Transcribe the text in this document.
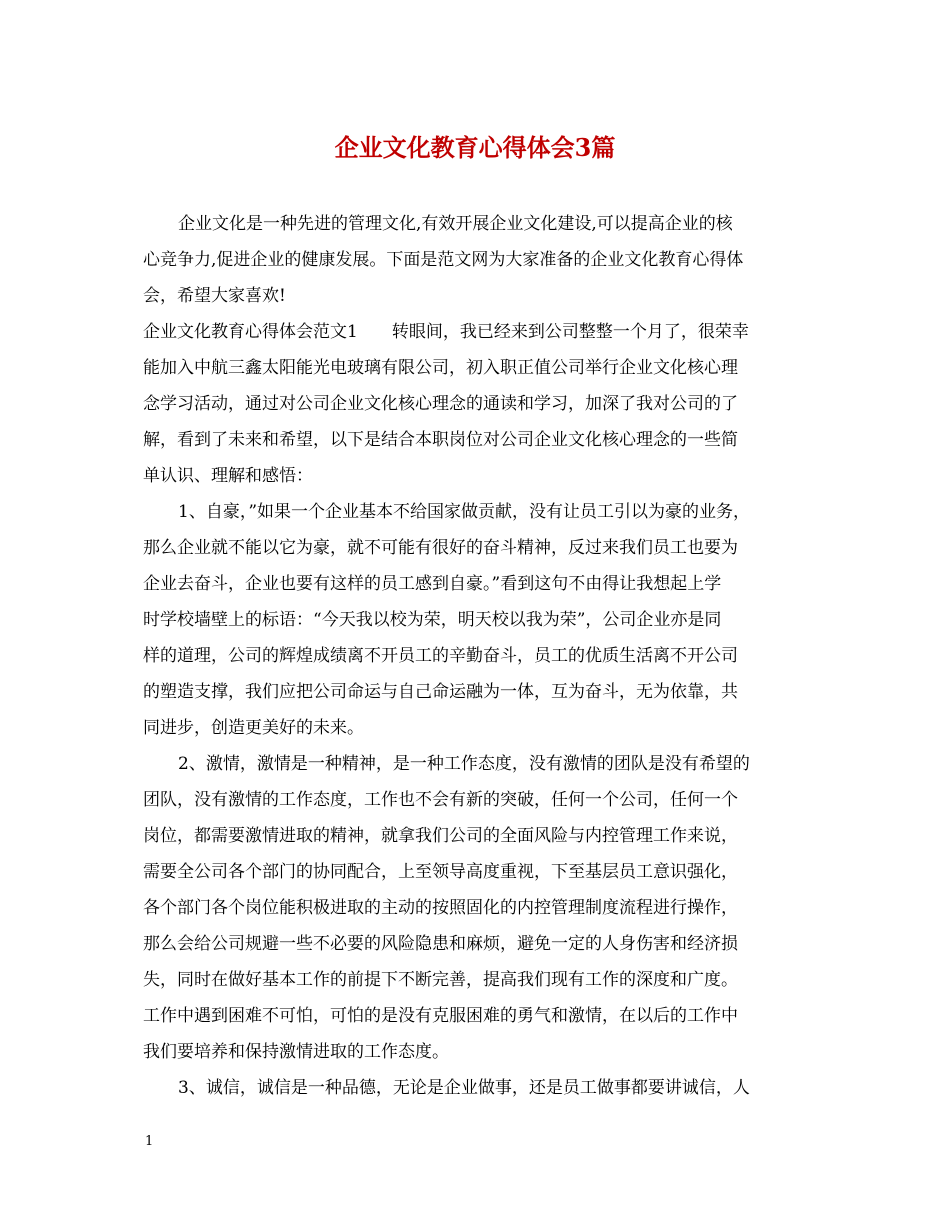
企业文化教育心得体会3篇
企业文化是一种先进的管理文化,有效开展企业文化建设,可以提高企业的核
心竞争力,促进企业的健康发展。下面是范文网为大家准备的企业文化教育心得体
会，希望大家喜欢!
企业文化教育心得体会范文1　　转眼间，我已经来到公司整整一个月了，很荣幸
能加入中航三鑫太阳能光电玻璃有限公司，初入职正值公司举行企业文化核心理
念学习活动，通过对公司企业文化核心理念的通读和学习，加深了我对公司的了
解，看到了未来和希望，以下是结合本职岗位对公司企业文化核心理念的一些简
单认识、理解和感悟：
1、自豪，”如果一个企业基本不给国家做贡献，没有让员工引以为豪的业务，
那么企业就不能以它为豪，就不可能有很好的奋斗精神，反过来我们员工也要为
企业去奋斗，企业也要有这样的员工感到自豪。”看到这句不由得让我想起上学
时学校墙壁上的标语：“今天我以校为荣，明天校以我为荣”，公司企业亦是同
样的道理，公司的辉煌成绩离不开员工的辛勤奋斗，员工的优质生活离不开公司
的塑造支撑，我们应把公司命运与自己命运融为一体，互为奋斗，无为依靠，共
同进步，创造更美好的未来。
2、激情，激情是一种精神，是一种工作态度，没有激情的团队是没有希望的
团队，没有激情的工作态度，工作也不会有新的突破，任何一个公司，任何一个
岗位，都需要激情进取的精神，就拿我们公司的全面风险与内控管理工作来说，
需要全公司各个部门的协同配合，上至领导高度重视，下至基层员工意识强化，
各个部门各个岗位能积极进取的主动的按照固化的内控管理制度流程进行操作，
那么会给公司规避一些不必要的风险隐患和麻烦，避免一定的人身伤害和经济损
失，同时在做好基本工作的前提下不断完善，提高我们现有工作的深度和广度。
工作中遇到困难不可怕，可怕的是没有克服困难的勇气和激情，在以后的工作中
我们要培养和保持激情进取的工作态度。
3、诚信，诚信是一种品德，无论是企业做事，还是员工做事都要讲诚信，人
1
